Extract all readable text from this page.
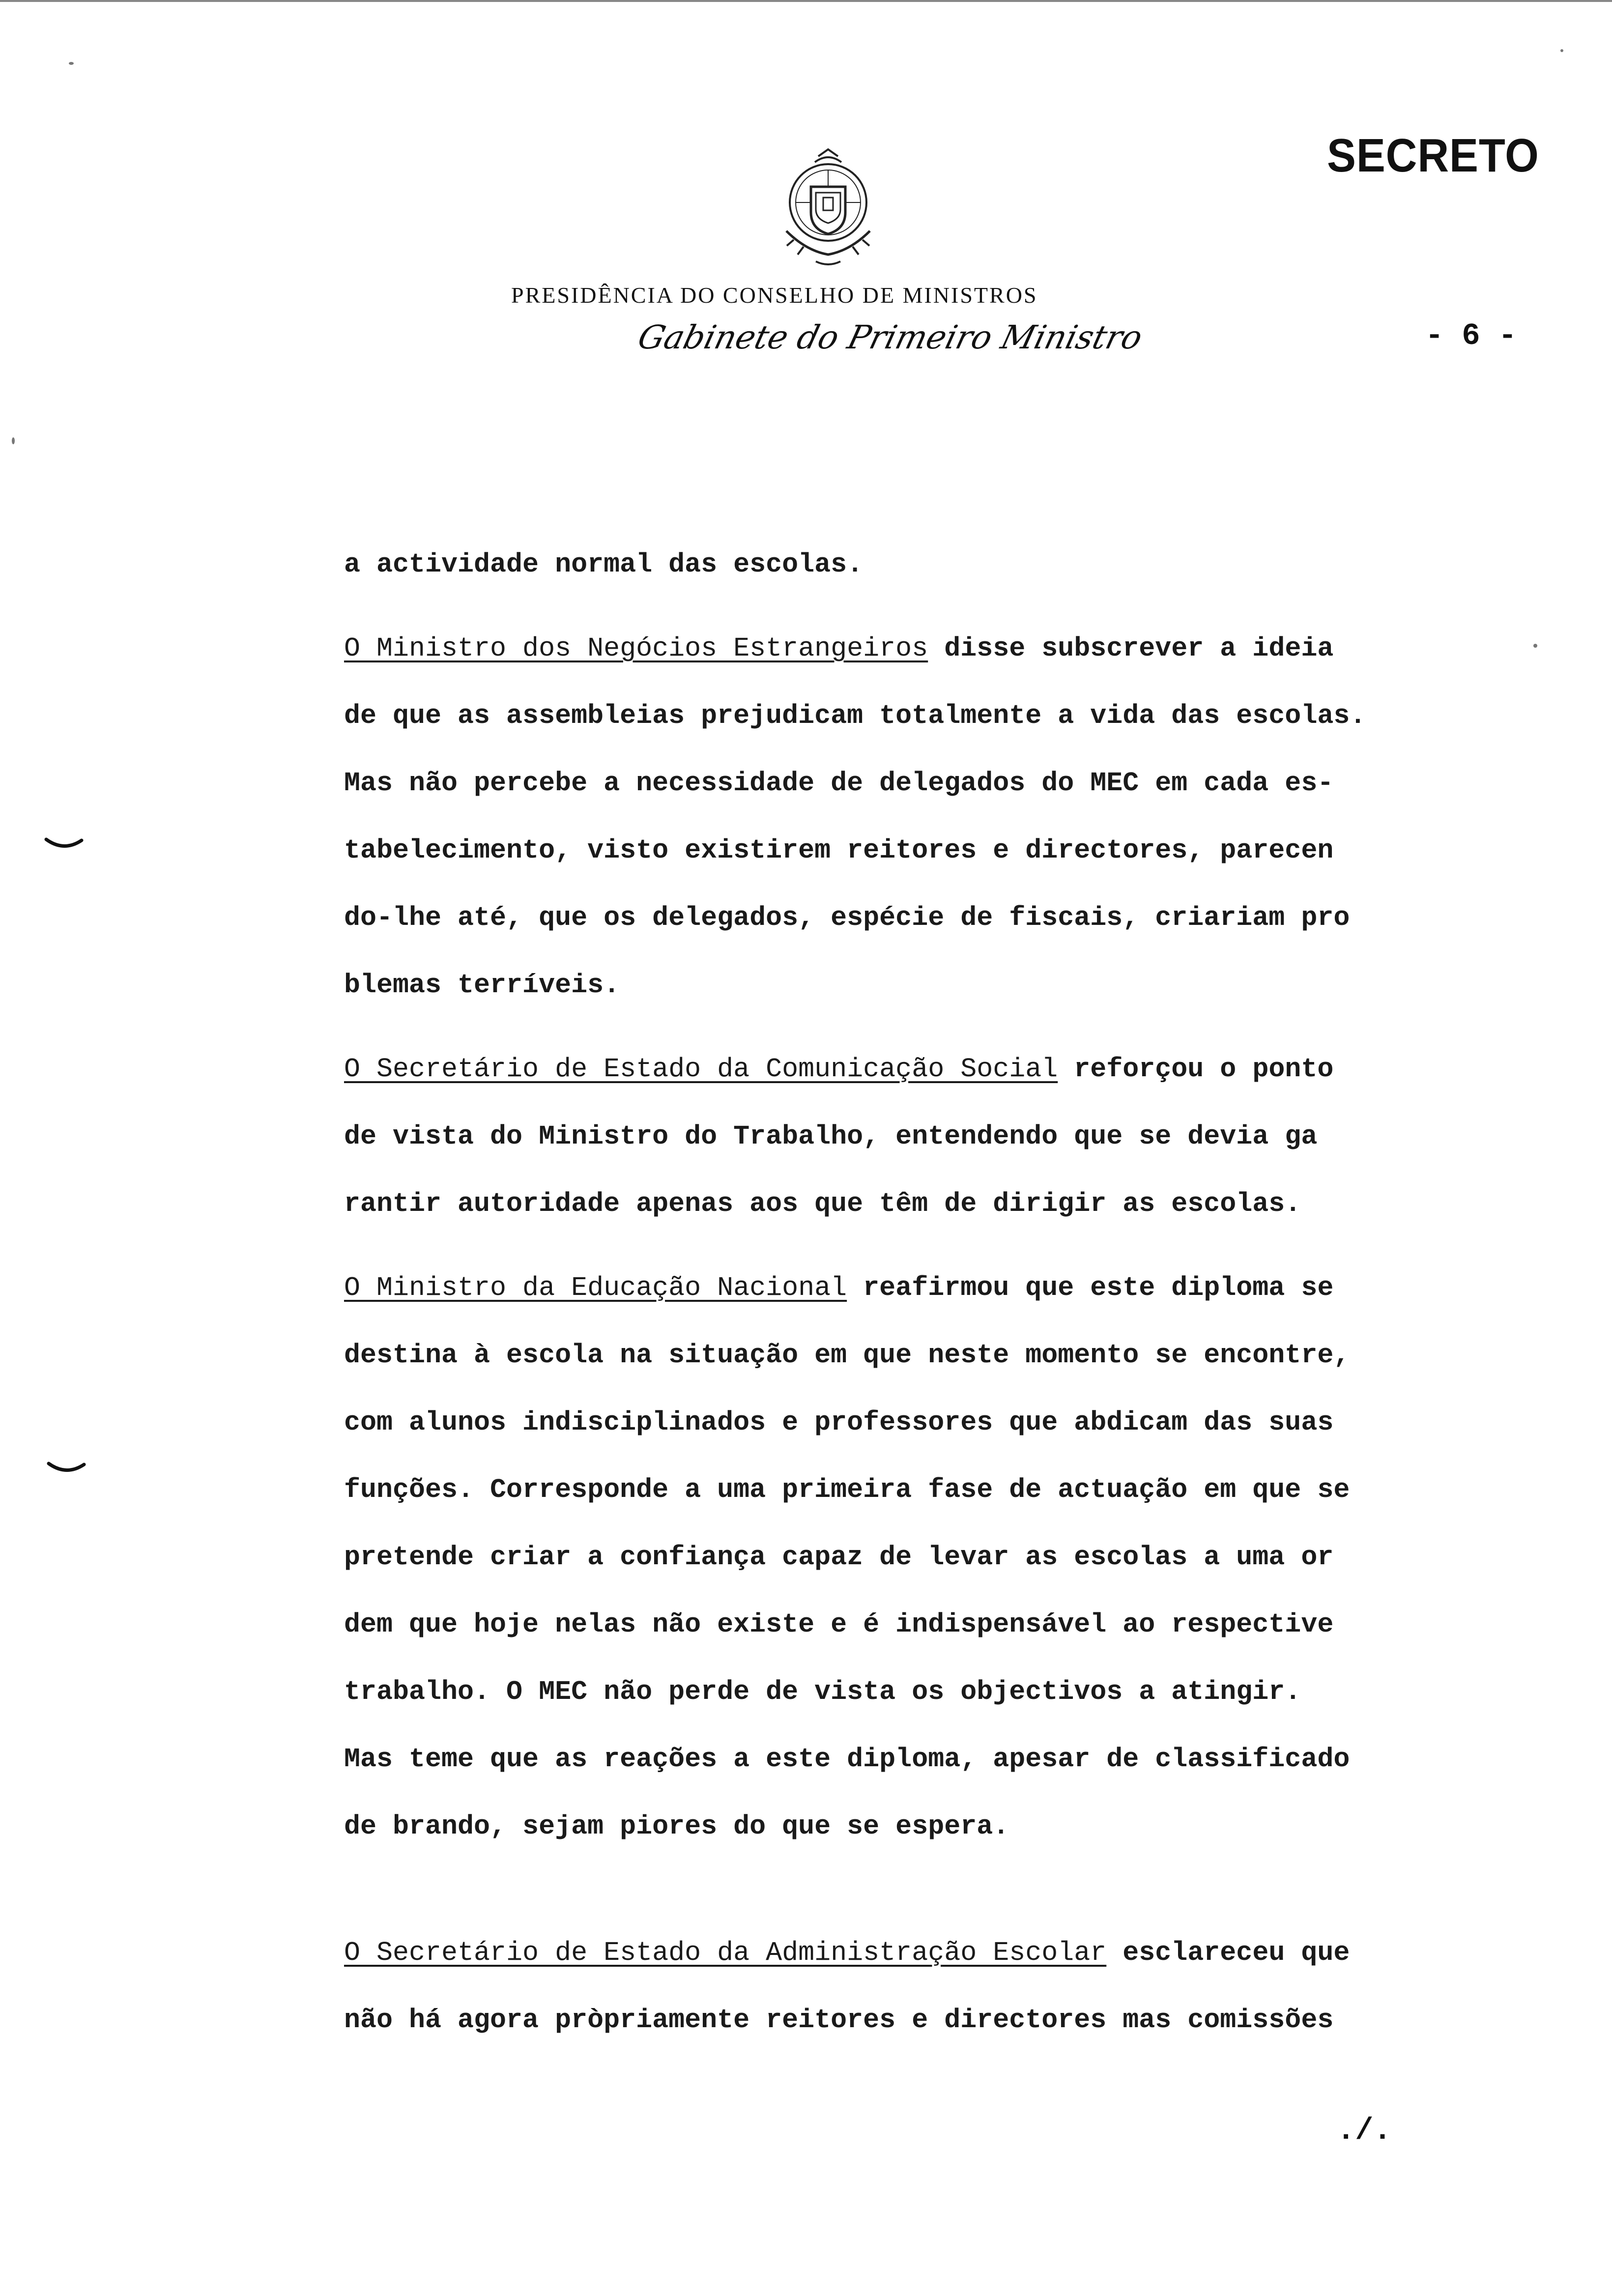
SECRETO
PRESIDÊNCIA DO CONSELHO DE MINISTROS
Gabinete do Primeiro Ministro	- 6 -

a actividade normal das escolas.

O Ministro dos Negócios Estrangeiros disse subscrever a ideia
de que as assembleias prejudicam totalmente a vida das escolas.
Mas não percebe a necessidade de delegados do MEC em cada es-
tabelecimento, visto existirem reitores e directores, parecen
do-lhe até, que os delegados, espécie de fiscais, criariam pro
blemas terríveis.

O Secretário de Estado da Comunicação Social reforçou o ponto
de vista do Ministro do Trabalho, entendendo que se devia ga
rantir autoridade apenas aos que têm de dirigir as escolas.

O Ministro da Educação Nacional reafirmou que este diploma se
destina à escola na situação em que neste momento se encontre,
com alunos indisciplinados e professores que abdicam das suas
funções. Corresponde a uma primeira fase de actuação em que se
pretende criar a confiança capaz de levar as escolas a uma or
dem que hoje nelas não existe e é indispensável ao respective
trabalho. O MEC não perde de vista os objectivos a atingir.
Mas teme que as reações a este diploma, apesar de classificado
de brando, sejam piores do que se espera.

O Secretário de Estado da Administração Escolar esclareceu que
não há agora pròpriamente reitores e directores mas comissões

./.
